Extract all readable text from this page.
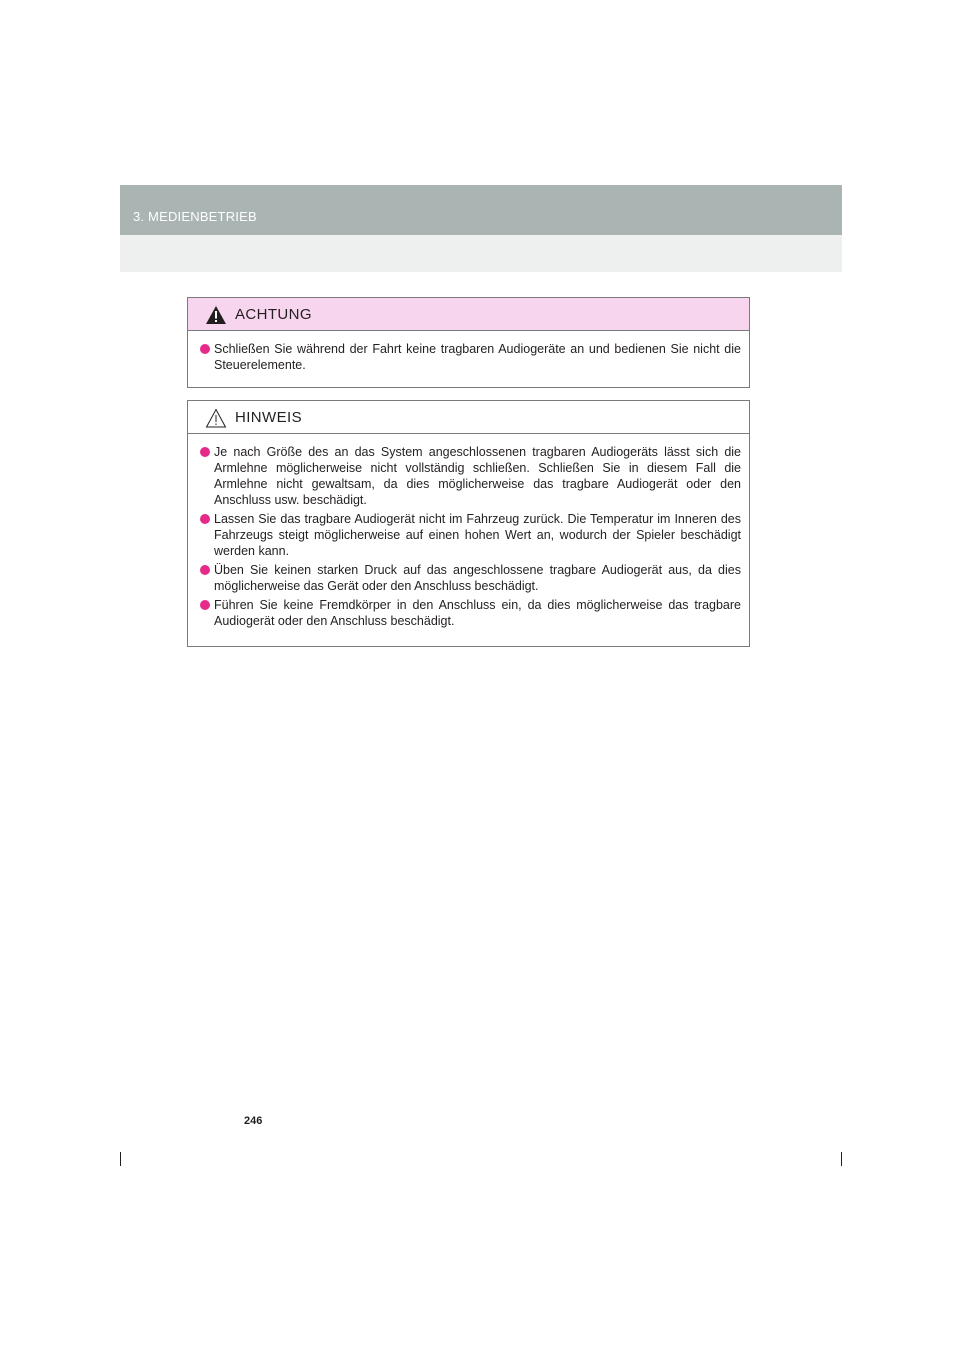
3. MEDIENBETRIEB
ACHTUNG
Schließen Sie während der Fahrt keine tragbaren Audiogeräte an und bedienen Sie nicht die Steuerelemente.
HINWEIS
Je nach Größe des an das System angeschlossenen tragbaren Audiogeräts lässt sich die Armlehne möglicherweise nicht vollständig schließen. Schließen Sie in diesem Fall die Armlehne nicht gewaltsam, da dies möglicherweise das tragbare Audiogerät oder den Anschluss usw. beschädigt.
Lassen Sie das tragbare Audiogerät nicht im Fahrzeug zurück. Die Temperatur im Inneren des Fahrzeugs steigt möglicherweise auf einen hohen Wert an, wodurch der Spieler beschädigt werden kann.
Üben Sie keinen starken Druck auf das angeschlossene tragbare Audiogerät aus, da dies möglicherweise das Gerät oder den Anschluss beschädigt.
Führen Sie keine Fremdkörper in den Anschluss ein, da dies möglicherweise das tragbare Audiogerät oder den Anschluss beschädigt.
246
